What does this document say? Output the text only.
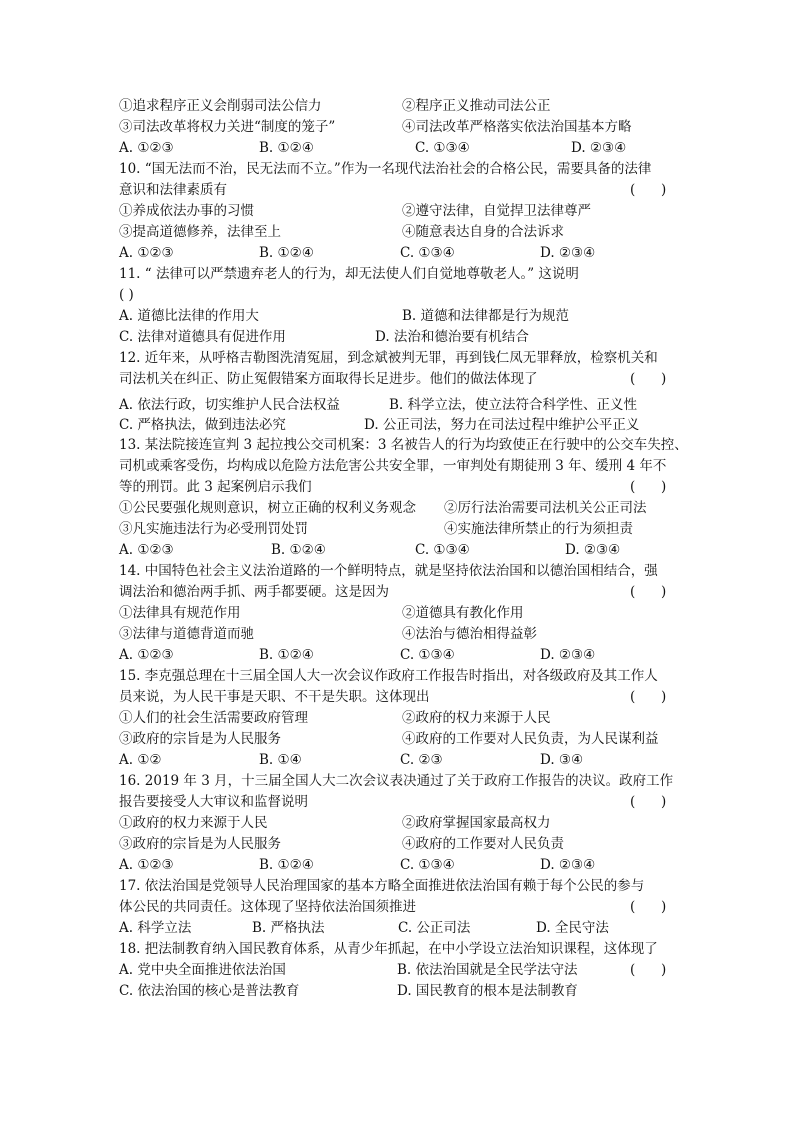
①追求程序正义会削弱司法公信力	②程序正义推动司法公正
③司法改革将权力关进“制度的笼子”	④司法改革严格落实依法治国基本方略
A. ①②③	B. ①②④	C. ①③④	D. ②③④
10. “国无法而不治，民无法而不立。”作为一名现代法治社会的合格公民，需要具备的法律
意识和法律素质有	(      )
①养成依法办事的习惯	②遵守法律，自觉捍卫法律尊严
③提高道德修养，法律至上	④随意表达自身的合法诉求
A. ①②③	B. ①②④	C. ①③④	D. ②③④
11. “ 法律可以严禁遗弃老人的行为，却无法使人们自觉地尊敬老人。” 这说明
( )
A. 道德比法律的作用大	B. 道德和法律都是行为规范
C. 法律对道德具有促进作用	D. 法治和德治要有机结合
12. 近年来，从呼格吉勒图洗清冤屈，到念斌被判无罪，再到钱仁凤无罪释放，检察机关和
司法机关在纠正、防止冤假错案方面取得长足进步。他们的做法体现了	(      )
A. 依法行政，切实维护人民合法权益	B. 科学立法，使立法符合科学性、正义性
C. 严格执法，做到违法必究	D. 公正司法，努力在司法过程中维护公平正义
13. 某法院接连宣判 3 起拉拽公交司机案：3 名被告人的行为均致使正在行驶中的公交车失控、
司机或乘客受伤，均构成以危险方法危害公共安全罪，一审判处有期徒刑 3 年、缓刑 4 年不
等的刑罚。此 3 起案例启示我们	(      )
①公民要强化规则意识，树立正确的权利义务观念 ②厉行法治需要司法机关公正司法
③凡实施违法行为必受刑罚处罚	④实施法律所禁止的行为须担责
A. ①②③	B. ①②④	C. ①③④	D. ②③④
14. 中国特色社会主义法治道路的一个鲜明特点，就是坚持依法治国和以德治国相结合，强
调法治和德治两手抓、两手都要硬。这是因为	(      )
①法律具有规范作用	②道德具有教化作用
③法律与道德背道而驰	④法治与德治相得益彰
A. ①②③	B. ①②④	C. ①③④	D. ②③④
15. 李克强总理在十三届全国人大一次会议作政府工作报告时指出，对各级政府及其工作人
员来说，为人民干事是天职、不干是失职。这体现出	(      )
①人们的社会生活需要政府管理	②政府的权力来源于人民
③政府的宗旨是为人民服务	④政府的工作要对人民负责，为人民谋利益
A. ①②	B. ①④	C. ②③	D. ③④
16. 2019 年 3 月，十三届全国人大二次会议表决通过了关于政府工作报告的决议。政府工作
报告要接受人大审议和监督说明	(      )
①政府的权力来源于人民	②政府掌握国家最高权力
③政府的宗旨是为人民服务	④政府的工作要对人民负责
A. ①②③	B. ①②④	C. ①③④	D. ②③④
17. 依法治国是党领导人民治理国家的基本方略全面推进依法治国有赖于每个公民的参与
体公民的共同责任。这体现了坚持依法治国须推进	(      )
A. 科学立法	B. 严格执法	C. 公正司法	D. 全民守法
18. 把法制教育纳入国民教育体系，从青少年抓起，在中小学设立法治知识课程，这体现了
A. 党中央全面推进依法治国	B. 依法治国就是全民学法守法	(      )
C. 依法治国的核心是普法教育	D. 国民教育的根本是法制教育
